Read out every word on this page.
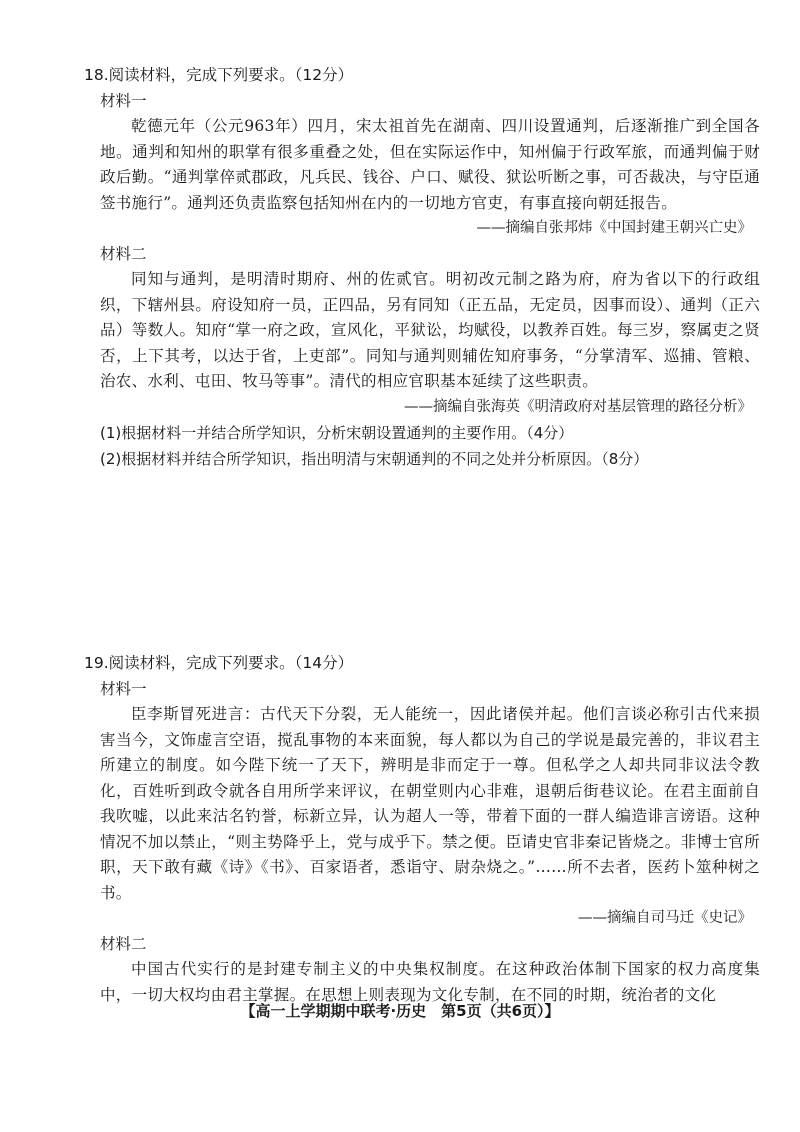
18.阅读材料，完成下列要求。（12分）

材料一

乾德元年（公元963年）四月，宋太祖首先在湖南、四川设置通判，后逐渐推广到全国各地。通判和知州的职掌有很多重叠之处，但在实际运作中，知州偏于行政军旅，而通判偏于财政后勤。“通判掌倅贰郡政，凡兵民、钱谷、户口、赋役、狱讼听断之事，可否裁决，与守臣通签书施行”。通判还负责监察包括知州在内的一切地方官吏，有事直接向朝廷报告。

——摘编自张邦炜《中国封建王朝兴亡史》

材料二

同知与通判，是明清时期府、州的佐贰官。明初改元制之路为府，府为省以下的行政组织，下辖州县。府设知府一员，正四品，另有同知（正五品，无定员，因事而设）、通判（正六品）等数人。知府“掌一府之政，宣风化，平狱讼，均赋役，以教养百姓。每三岁，察属吏之贤否，上下其考，以达于省，上吏部”。同知与通判则辅佐知府事务，“分掌清军、巡捕、管粮、治农、水利、屯田、牧马等事”。清代的相应官职基本延续了这些职责。

——摘编自张海英《明清政府对基层管理的路径分析》

(1)根据材料一并结合所学知识，分析宋朝设置通判的主要作用。（4分）

(2)根据材料并结合所学知识，指出明清与宋朝通判的不同之处并分析原因。（8分）

19.阅读材料，完成下列要求。（14分）

材料一

臣李斯冒死进言：古代天下分裂，无人能统一，因此诸侯并起。他们言谈必称引古代来损害当今，文饰虚言空语，搅乱事物的本来面貌，每人都以为自己的学说是最完善的，非议君主所建立的制度。如今陛下统一了天下，辨明是非而定于一尊。但私学之人却共同非议法令教化，百姓听到政令就各自用所学来评议，在朝堂则内心非难，退朝后街巷议论。在君主面前自我吹嘘，以此来沽名钓誉，标新立异，认为超人一等，带着下面的一群人编造诽言谤语。这种情况不加以禁止，“则主势降乎上，党与成乎下。禁之便。臣请史官非秦记皆烧之。非博士官所职，天下敢有藏《诗》《书》、百家语者，悉诣守、尉杂烧之。”……所不去者，医药卜筮种树之书。

——摘编自司马迁《史记》

材料二

中国古代实行的是封建专制主义的中央集权制度。在这种政治体制下国家的权力高度集中，一切大权均由君主掌握。在思想上则表现为文化专制，在不同的时期，统治者的文化

【高一上学期期中联考·历史　第5页（共6页）】
